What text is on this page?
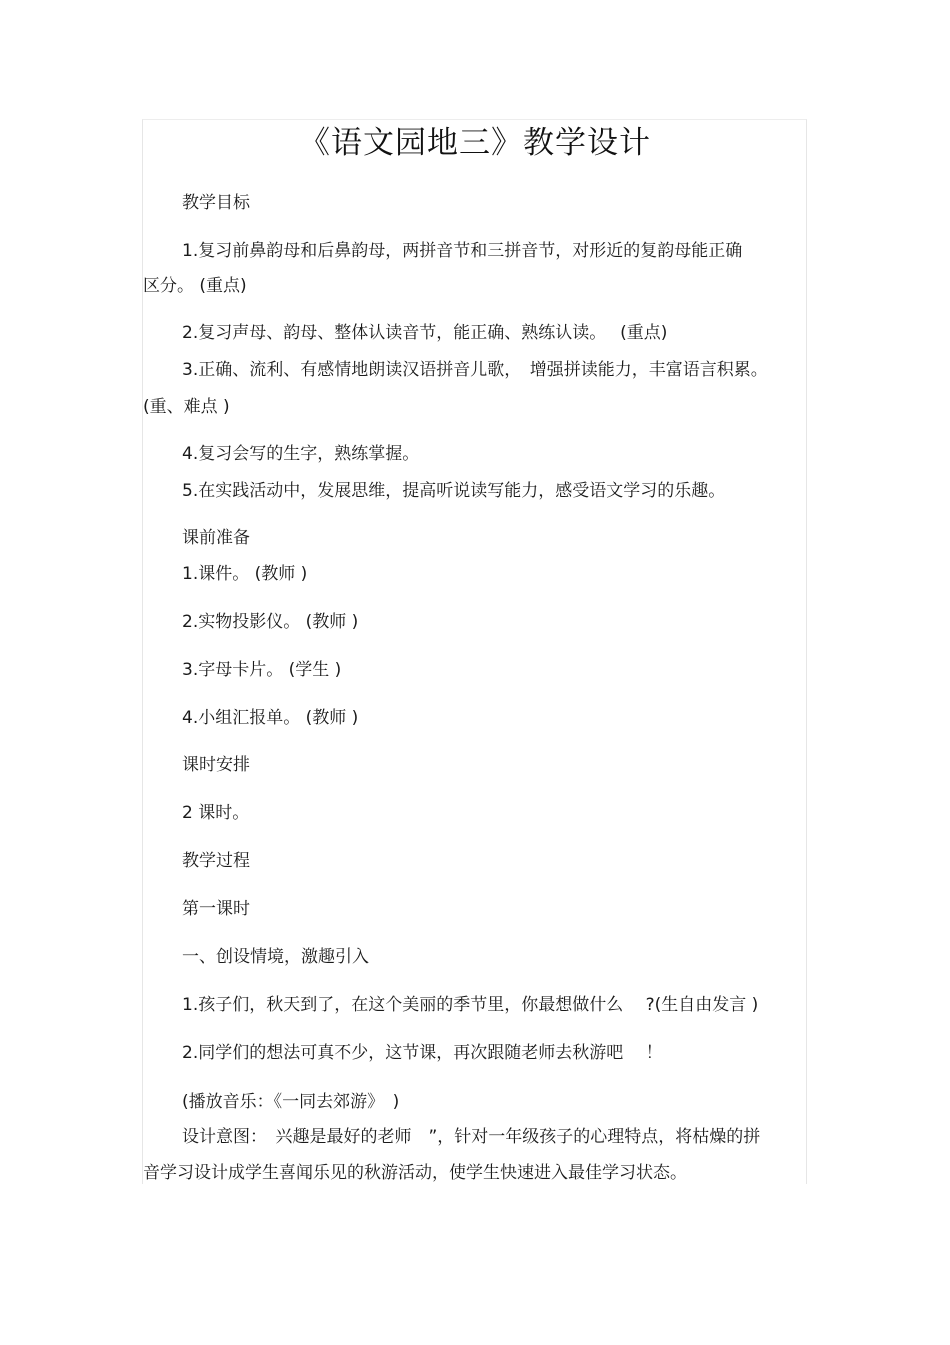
《语文园地三》教学设计
教学目标
1.复习前鼻韵母和后鼻韵母，两拼音节和三拼音节，对形近的复韵母能正确
区分。 (重点)
2.复习声母、韵母、整体认读音节，能正确、熟练认读。　 (重点)
3.正确、流利、有感情地朗读汉语拼音儿歌，　增强拼读能力，丰富语言积累。
(重、难点 )
4.复习会写的生字，熟练掌握。
5.在实践活动中，发展思维，提高听说读写能力，感受语文学习的乐趣。
课前准备
1.课件。 (教师 )
2.实物投影仪。 (教师 )
3.字母卡片。 (学生 )
4.小组汇报单。 (教师 )
课时安排
2 课时。
教学过程
第一课时
一、创设情境，激趣引入
1.孩子们，秋天到了，在这个美丽的季节里，你最想做什么　 ?(生自由发言 )
2.同学们的想法可真不少，这节课，再次跟随老师去秋游吧　 ！
(播放音乐：《一同去郊游》　)
设计意图：　兴趣是最好的老师　”，针对一年级孩子的心理特点，将枯燥的拼
音学习设计成学生喜闻乐见的秋游活动，使学生快速进入最佳学习状态。
